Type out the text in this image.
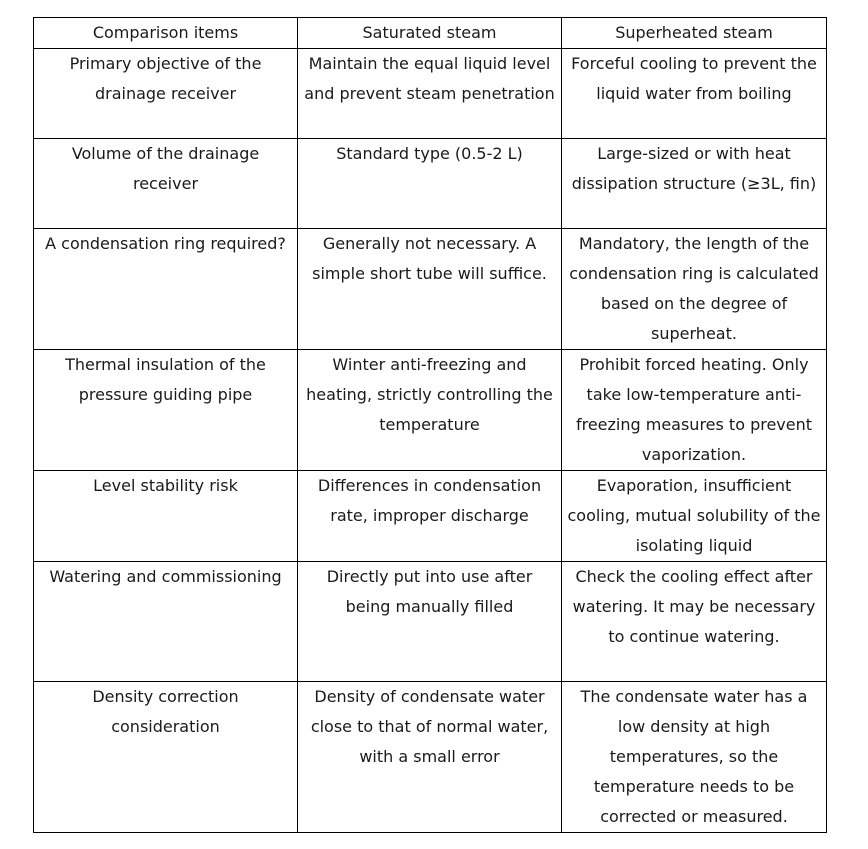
Comparison items	Saturated steam	Superheated steam
Primary objective of the drainage receiver	Maintain the equal liquid level and prevent steam penetration	Forceful cooling to prevent the liquid water from boiling
Volume of the drainage receiver	Standard type (0.5-2 L)	Large-sized or with heat dissipation structure (≥3L, fin)
A condensation ring required?	Generally not necessary. A simple short tube will suffice.	Mandatory, the length of the condensation ring is calculated based on the degree of superheat.
Thermal insulation of the pressure guiding pipe	Winter anti-freezing and heating, strictly controlling the temperature	Prohibit forced heating. Only take low-temperature anti-freezing measures to prevent vaporization.
Level stability risk	Differences in condensation rate, improper discharge	Evaporation, insufficient cooling, mutual solubility of the isolating liquid
Watering and commissioning	Directly put into use after being manually filled	Check the cooling effect after watering. It may be necessary to continue watering.
Density correction consideration	Density of condensate water close to that of normal water, with a small error	The condensate water has a low density at high temperatures, so the temperature needs to be corrected or measured.
